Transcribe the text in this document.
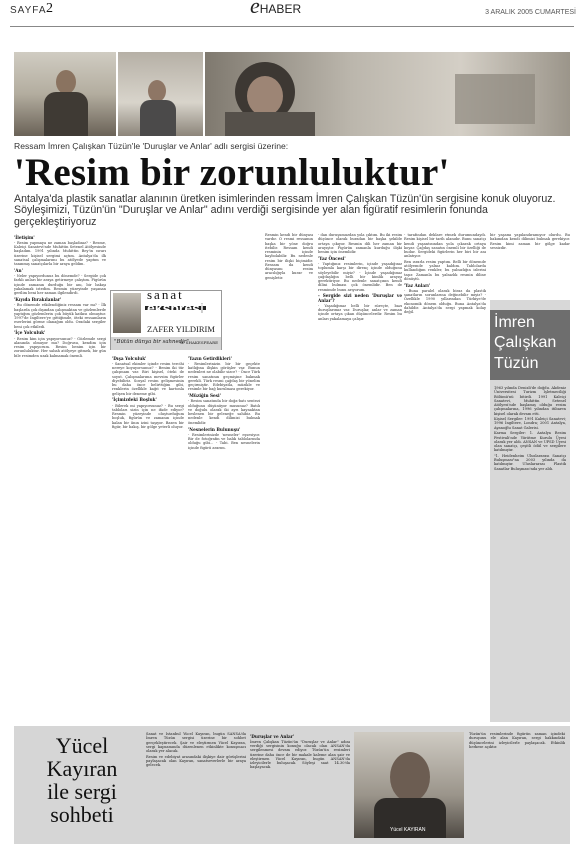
SAYFA 2	eHABER	3 ARALIK 2005 CUMARTESİ
Ressam İmren Çalışkan Tüzün'le 'Duruşlar ve Anlar' adlı sergisi üzerine:
'Resim bir zorunluluktur'
Antalya'da plastik sanatlar alanının üretken isimlerinden ressam İmren Çalışkan Tüzün'ün sergisine konuk oluyoruz. Söyleşimizi, Tüzün'ün "Duruşlar ve Anlar" adını verdiği sergisinde yer alan figüratif resimlerin fonunda gerçekleştiriyoruz
'İletişim'

- Resim yapmaya ne zaman başladınız? - Resme, Kaleiçi Sanatevi'nde Muhittin Setenel Atölyesinde başladım. 1991 yılında Muhittin Bey'in ısrarı üzerine kişisel sergimi açtım. Antalya'da ilk sanatsal çalışmalarımı bu atölyede yaptım ve tanınmış sanatçılarla bir araya geldim.

'An'

- Neler yapıyordunuz bu dönemde? - Sergide çok farklı anları bir araya getirmeye çalıştım. Figürün içinde zamanın durduğu bir anı, bir bakışı yakalamak istedim. Resmin yüzeyinde yaşanan gerilim beni her zaman ilgilendirdi.

'Kıyıda Bırakılanlar'

- Bu dönemde etkilendiğiniz ressam var mı? - İlk başlarda çok dışından çalışmaktan ve gözlemlerde yaptığım gözlemlerin çok büyük katkısı olmuştur. 1997'de İngiltere'ye gittiğimde, öteki ressamların eserlerini görme olanağım oldu. Oradaki sergiler beni çok etkiledi.

'İçe Yolculuk'

- Resim kim için yapıyorsunuz? - Gözlemde sergi alanında olmuyor mu? Doğrusu, kendim için resim yapıyorum. Resim benim için bir zorunluluktur. Her sabah atölyeye gitmek, bir gün bile resimden uzak kalmamak önemli.

sanat
ekspresi
ZAFER YILDIRIM
"Bütün dünya bir sahnedir"
W. SHAKESPEARE
'Dışa Yolculuk'

- Sanatsal ekimler içinde resim tercihi nereye koyuyorsunuz? - Benim iki tür çalışmam var. Biri kişisel, öteki de soyut. Çalışmalarıma mevsim figürler diyebiliriz. Sosyal resim gelişmesinin bu daha önce belirttiğim gibi, renklerin özellikle kağıt ve kartonla gelişen bir deneme gibi.

'İçimizdeki Boşluk'

- Bilerek mi yapıyorsunuz? - Bu sergi tabloları sizin için ne ifade ediyor? Resmin yüzeyinde oluşturduğum boşluk, figürün ve zamanın içinde kalan bir ânın izini taşıyor. Bazen bir figür, bir bakış, bir gölge yeterli oluyor.

'Yazın Getirdikleri'

- Resimlerinizin bir bir geçekte katlığına ilişkin görüşler var. Bunun nedenleri ne olabilir sizce? - Önce Türk resim sanatının geçmişine bakmak gerekli. Türk resmi çağdaş bir yönelim geçirmiştir. Edebiyatla, müzikle ve resimle bir bağ kurulması gerekiyor.

'Müziğin Sesi'

- Resim sanatında bir doğa-batı sentezi olduğunu düşünüyor musunuz? Batılı ve doğulu olarak iki ayrı kaynaktan beslenen bir geleneğe sahibiz. Bu nedenle kendi dilimizi bulmak önemlidir.

'Nesnelerin Bulunuşu'

- Resimlerinizde 'nesneler' eşsesiyor. Bir de fotoğrafın ve balık tablolarında olduğu gibi... - Tabi. Ben nesnelerin içinde figürü ararım.

Resmin kendi bir dünyası vardır. O resmi ressamın başka bir yöne doğru itebilir. Ressam kendi resminin içinde kaybolabilir. Bu nedenle resim bir ilişki biçimidir. Ressam da kendi dünyasını resim aracılığıyla kurar ve genişletir.

- dan duruşumuzdan yola çıktım. Bu iki resim düşünce olarak buradan bir başka şekilde ortaya çıkıyor. Resmin dili her zaman bir arayıştır. Figürün zamanla kurduğu ilişki benim için önemlidir.

'Yaz Öncesi'

- Yaptığınız resimlerin, içinde yaşadığınız toplumla karşı bir direnç içinde olduğunu söyleyebilir miyiz? - İçinde yaşadığımız çağdaşlığın belli bir kimlik arayışı gerektiriyor. Bu nedenle sanatçının kendi dilini bulması çok önemlidir. Ben de resmimde bunu arıyorum.

- Sergide sizi neden 'Duruşlar ve Anlar'?

- Yaşadığımız belli bir süreçte, bazı duruşlarımız var. Duruşlar, anlar ve zaman içinde ortaya çıkan düşüncelerdir. Resim bu anları yakalamaya çalışır.

- tarafından deklare etmek durumundaydı. Resim kişisel bir tarih alanıdır. Bunu sanatçı kendi yaşantısından yola çıkarak ortaya koyar. Çağdaş sanatın önemli bir özelliği de budur. Sergideki figürlerin her biri bir anı anlatıyor.

Ben ısrarla resim yaptım. Belli bir dönemde atölyemde yalnız kaldım. Tablolarda kullandığım renkler, bu yalnızlığın izlerini taşır. Zamanla bu yalnızlık resmin diline dönüştü.

'Yaz Anları'

- Buna paralel olarak biraz da plastik sanatların sorunlarına değinebilir miyiz? - Özellikle 1990 yıllarından Türkiye'de ekonomik dönem olduğu. Buna Antalya'da dahildir. Antalya'da sergi yapmak kolay değil.

bir yaşamı yapılandıramıyor olurdu. Bu bakımdan kendi dilimizi bulmak gerekiyor. Resim kimi zaman bir gölge kadar sessizdir.

İmren
Çalışkan
Tüzün

1963 yılında Denizli'de doğdu. Akdeniz Üniversitesi Turizm İşletmeciliği Bölümü'nü bitirdi. 1991 Kaleiçi Sanatevi, Muhittin Setenel Atölyesi'nde başlamış olduğu resim çalışmalarına, 1996 yılından itibaren kişisel olarak devam etti.

Kişisel Sergiler: 1991 Kaleiçi Sanatevi; 1996 İngiltere, Londra; 2001 Antalya, Ayanoğlu Sanat Galerisi.

Karma Sergiler: 1. Antalya Resim Festivali'nde Yürütme Kurulu Üyesi olarak yer aldı. ANSAN ve UPSD Üyesi olan sanatçı, çeşitli ödül ve sergilere katılmıştır.

"1. Heidenheim Uluslararası Sanatçı Buluşması"na 2003 yılında da katılmıştır. Uluslararası Plastik Sanatlar Buluşması'nda yer aldı.

Yücel
Kayıran
ile sergi
sohbeti

Sanat ve İstanbul Yücel Kayıran, bugün SANSA'da İmren Tüzün sergisi üzerine bir sohbet gerçekleştirecek. Şair ve eleştirmen Yücel Kayıran, sergi kapsamında düzenlenen etkinlikte konuşmacı olarak yer alacak.

Resim ve edebiyat arasındaki ilişkiye dair görüşlerini paylaşacak olan Kayıran, sanatseverlerle bir araya gelecek.

'Duruşlar ve Anlar'

İmren Çalışkan Tüzün'ün "Duruşlar ve Anlar" adını verdiği sergisinin konuğu olacak olan ANSAN'da sergilenmesi devam ediyor. Tüzün'ün resimleri üzerine daha önce de bir makale kaleme alan şair ve eleştirmen Yücel Kayıran, bugün ANSAN'da izleyicilerle buluşacak. Söyleşi saat 14.30'da başlayacak.

Yücel KAYIRAN

Tüzün'ün resimlerinde figürün zaman içindeki duruşunu ele alan Kayıran, sergi hakkındaki düşüncelerini izleyicilerle paylaşacak. Etkinlik herkese açıktır.
